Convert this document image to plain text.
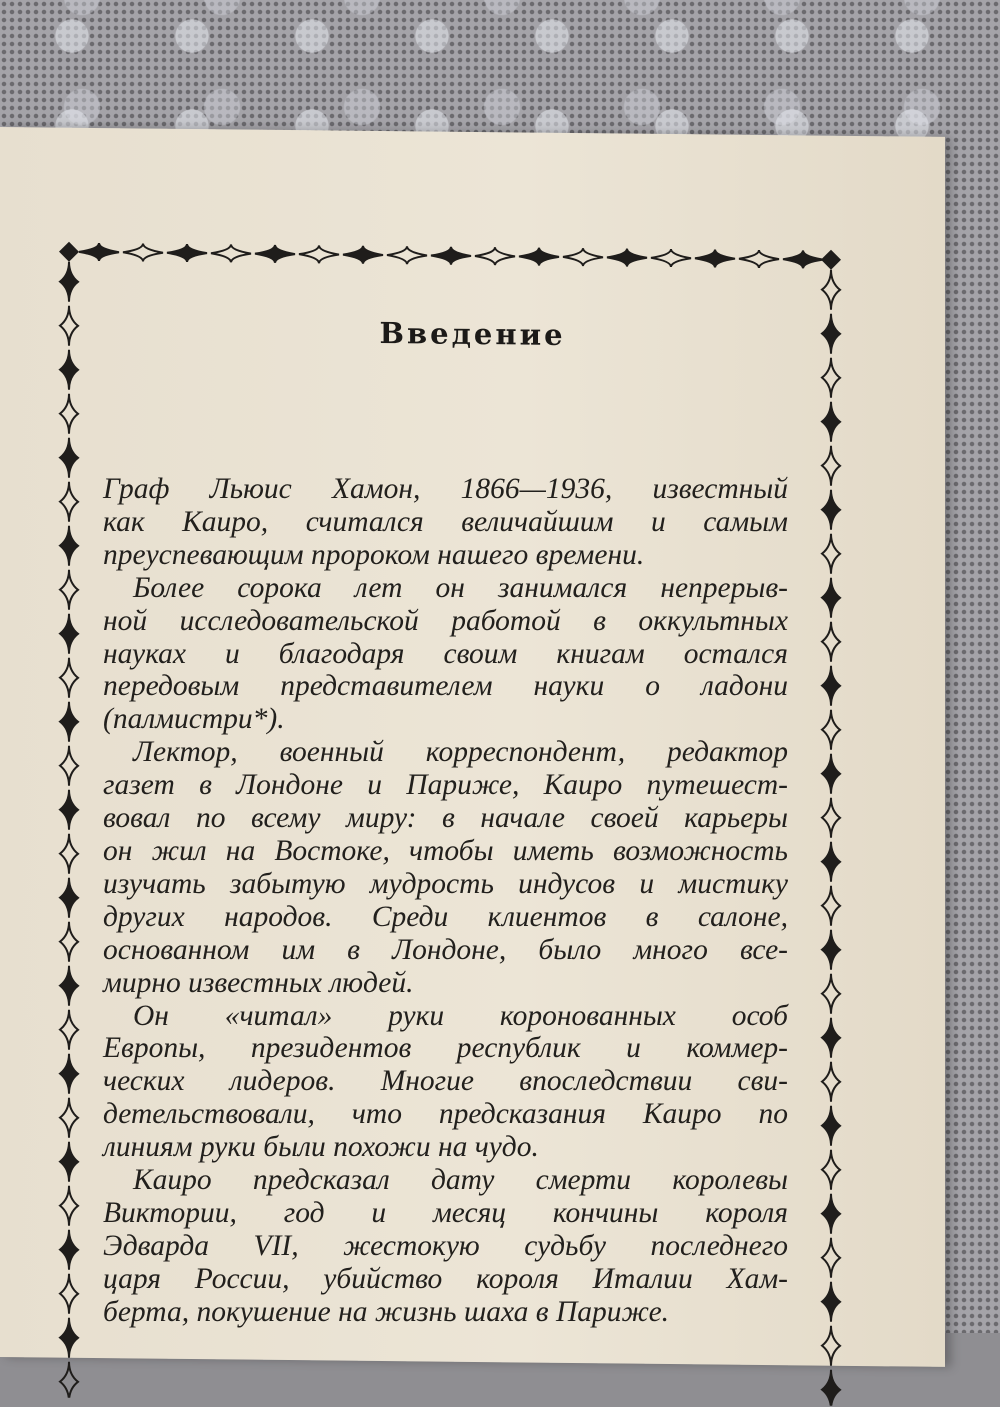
Введение
Граф Льюис Хамон, 1866—1936, известный
как Каиро, считался величайшим и самым
преуспевающим пророком нашего времени.
Более сорока лет он занимался непрерыв-
ной исследовательской работой в оккультных
науках и благодаря своим книгам остался
передовым представителем науки о ладони
(палмистри*).
Лектор, военный корреспондент, редактор
газет в Лондоне и Париже, Каиро путешест-
вовал по всему миру: в начале своей карьеры
он жил на Востоке, чтобы иметь возможность
изучать забытую мудрость индусов и мистику
других народов. Среди клиентов в салоне,
основанном им в Лондоне, было много все-
мирно известных людей.
Он «читал» руки коронованных особ
Европы, президентов республик и коммер-
ческих лидеров. Многие впоследствии сви-
детельствовали, что предсказания Каиро по
линиям руки были похожи на чудо.
Каиро предсказал дату смерти королевы
Виктории, год и месяц кончины короля
Эдварда VII, жестокую судьбу последнего
царя России, убийство короля Италии Хам-
берта, покушение на жизнь шаха в Париже.
